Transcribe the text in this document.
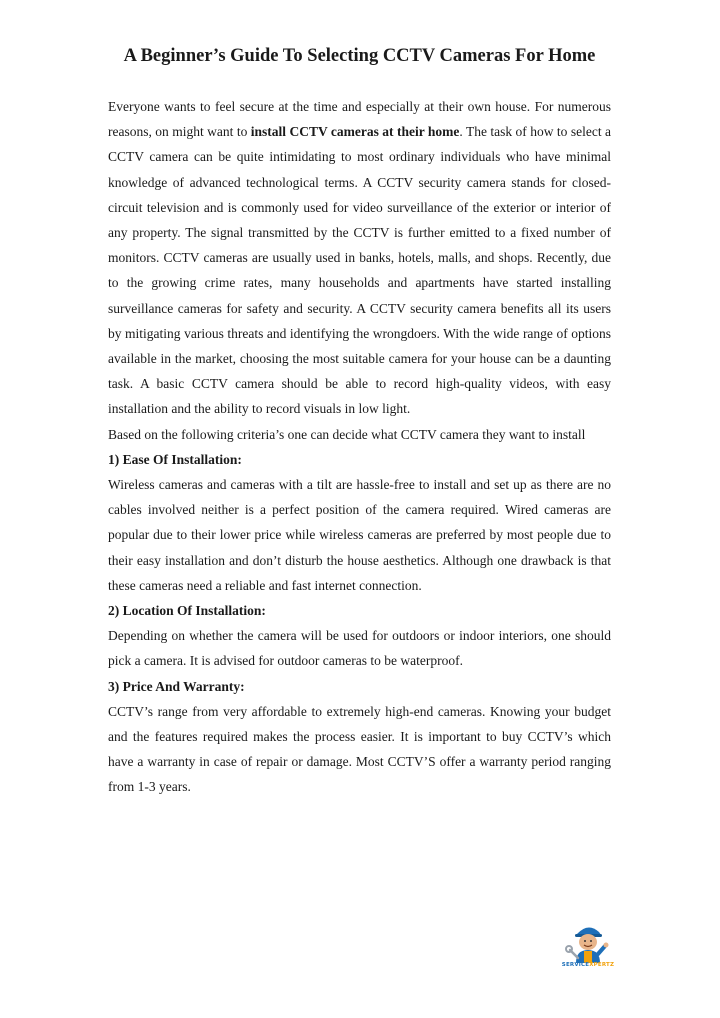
A Beginner’s Guide To Selecting CCTV Cameras For Home

Everyone wants to feel secure at the time and especially at their own house. For numerous reasons, on might want to install CCTV cameras at their home. The task of how to select a CCTV camera can be quite intimidating to most ordinary individuals who have minimal knowledge of advanced technological terms. A CCTV security camera stands for closed-circuit television and is commonly used for video surveillance of the exterior or interior of any property. The signal transmitted by the CCTV is further emitted to a fixed number of monitors. CCTV cameras are usually used in banks, hotels, malls, and shops. Recently, due to the growing crime rates, many households and apartments have started installing surveillance cameras for safety and security. A CCTV security camera benefits all its users by mitigating various threats and identifying the wrongdoers. With the wide range of options available in the market, choosing the most suitable camera for your house can be a daunting task. A basic CCTV camera should be able to record high-quality videos, with easy installation and the ability to record visuals in low light.

Based on the following criteria’s one can decide what CCTV camera they want to install

1) Ease Of Installation:

Wireless cameras and cameras with a tilt are hassle-free to install and set up as there are no cables involved neither is a perfect position of the camera required. Wired cameras are popular due to their lower price while wireless cameras are preferred by most people due to their easy installation and don’t disturb the house aesthetics. Although one drawback is that these cameras need a reliable and fast internet connection.

2) Location Of Installation:

Depending on whether the camera will be used for outdoors or indoor interiors, one should pick a camera. It is advised for outdoor cameras to be waterproof.

3) Price And Warranty:

CCTV’s range from very affordable to extremely high-end cameras. Knowing your budget and the features required makes the process easier. It is important to buy CCTV’s which have a warranty in case of repair or damage. Most CCTV’S offer a warranty period ranging from 1-3 years.

SERVICEXPERTZ
